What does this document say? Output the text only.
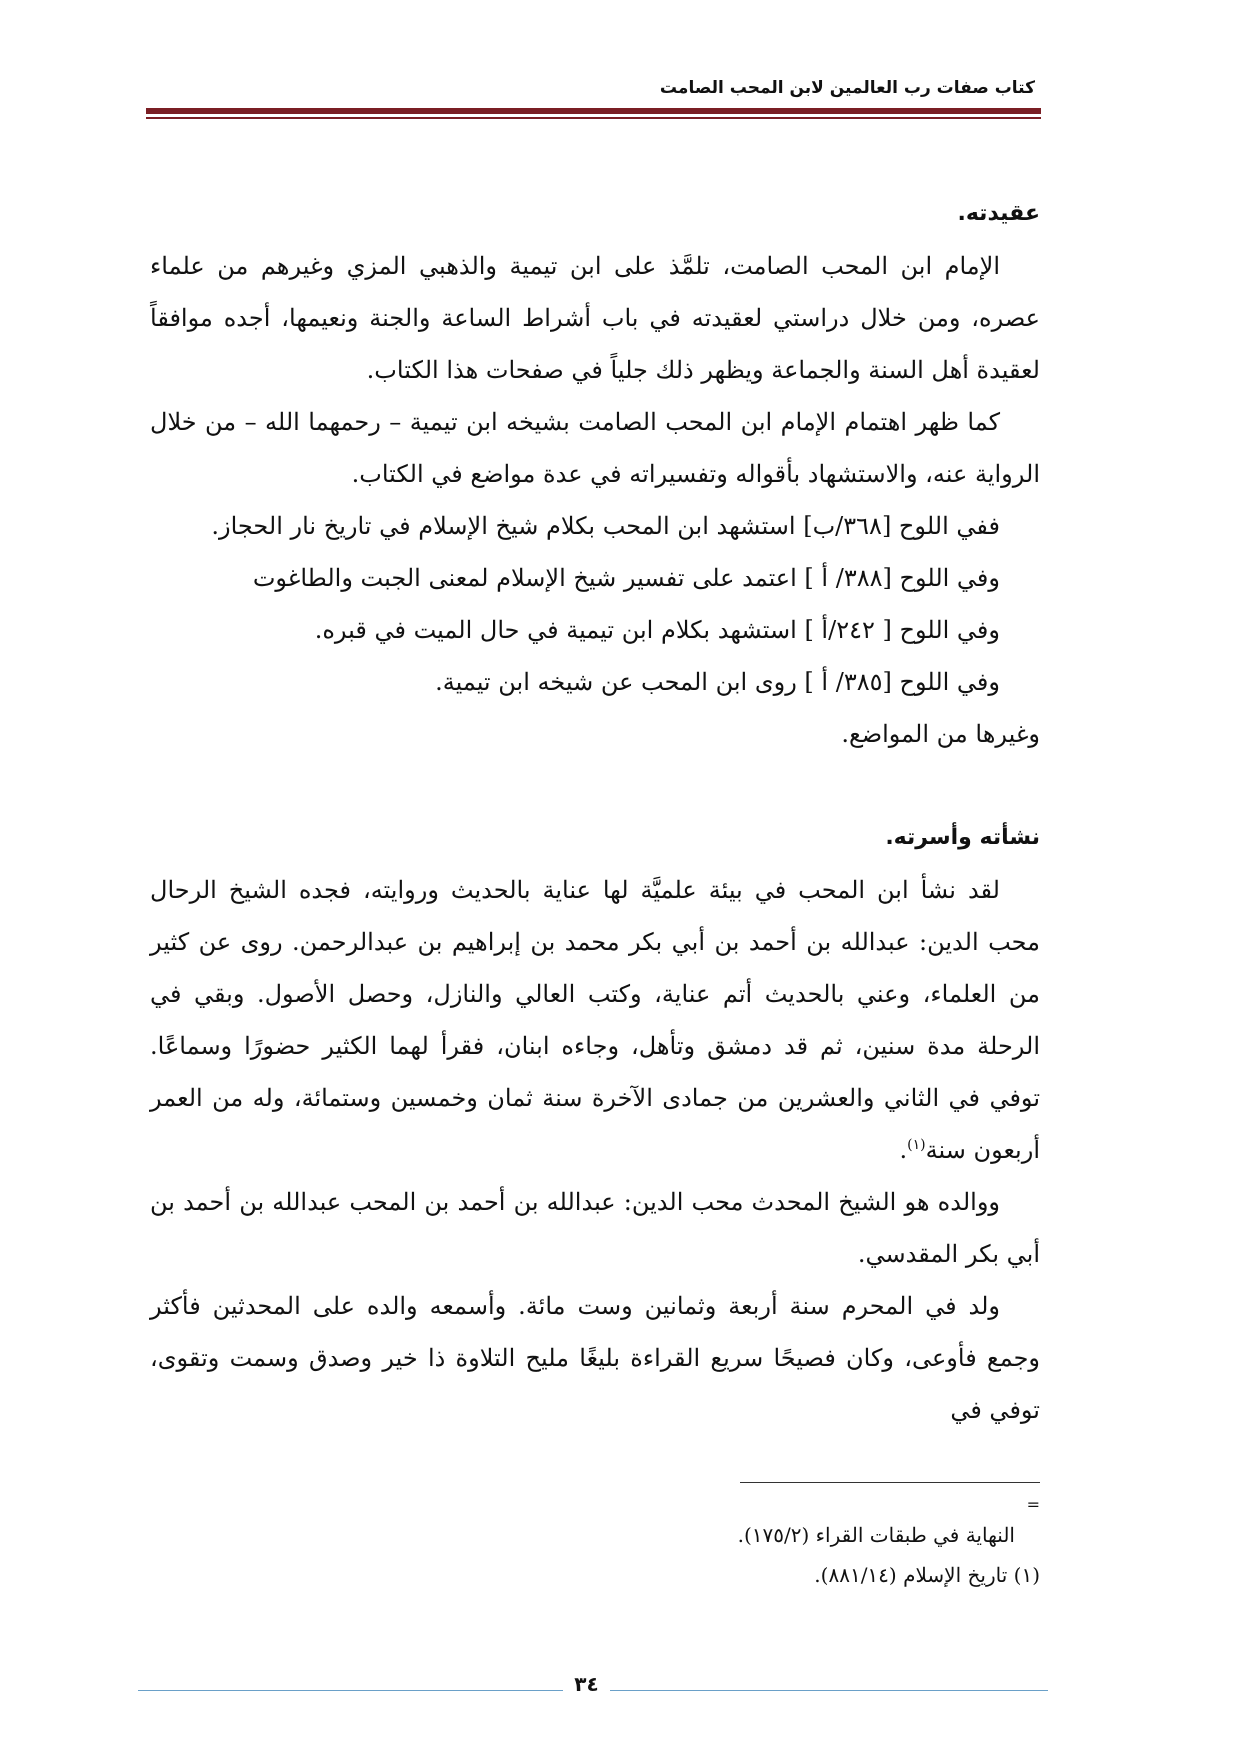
كتاب صفات رب العالمين لابن المحب الصامت

عقيدته.

الإمام ابن المحب الصامت، تلمَّذ على ابن تيمية والذهبي المزي وغيرهم من علماء عصره، ومن خلال دراستي لعقيدته في باب أشراط الساعة والجنة ونعيمها، أجده موافقاً لعقيدة أهل السنة والجماعة ويظهر ذلك جلياً في صفحات هذا الكتاب.

كما ظهر اهتمام الإمام ابن المحب الصامت بشيخه ابن تيمية – رحمهما الله – من خلال الرواية عنه، والاستشهاد بأقواله وتفسيراته في عدة مواضع في الكتاب.

ففي اللوح [٣٦٨/ب] استشهد ابن المحب بكلام شيخ الإسلام في تاريخ نار الحجاز.

وفي اللوح [٣٨٨/ أ ] اعتمد على تفسير شيخ الإسلام لمعنى الجبت والطاغوت

وفي اللوح [ ٢٤٢/أ ] استشهد بكلام ابن تيمية في حال الميت في قبره.

وفي اللوح [٣٨٥/ أ ] روى ابن المحب عن شيخه ابن تيمية.

وغيرها من المواضع.

نشأته وأسرته.

لقد نشأ ابن المحب في بيئة علميَّة لها عناية بالحديث وروايته، فجده الشيخ الرحال محب الدين: عبدالله بن أحمد بن أبي بكر محمد بن إبراهيم بن عبدالرحمن. روى عن كثير من العلماء، وعني بالحديث أتم عناية، وكتب العالي والنازل، وحصل الأصول. وبقي في الرحلة مدة سنين، ثم قد دمشق وتأهل، وجاءه ابنان، فقرأ لهما الكثير حضورًا وسماعًا. توفي في الثاني والعشرين من جمادى الآخرة سنة ثمان وخمسين وستمائة، وله من العمر أربعون سنة$^{(١)}$.

ووالده هو الشيخ المحدث محب الدين: عبدالله بن أحمد بن المحب عبدالله بن أحمد بن أبي بكر المقدسي.

ولد في المحرم سنة أربعة وثمانين وست مائة. وأسمعه والده على المحدثين فأكثر وجمع فأوعى، وكان فصيحًا سريع القراءة بليغًا مليح التلاوة ذا خير وصدق وسمت وتقوى، توفي في

=

النهاية في طبقات القراء (١٧٥/٢).

(١) تاريخ الإسلام (٨٨١/١٤).

٣٤
